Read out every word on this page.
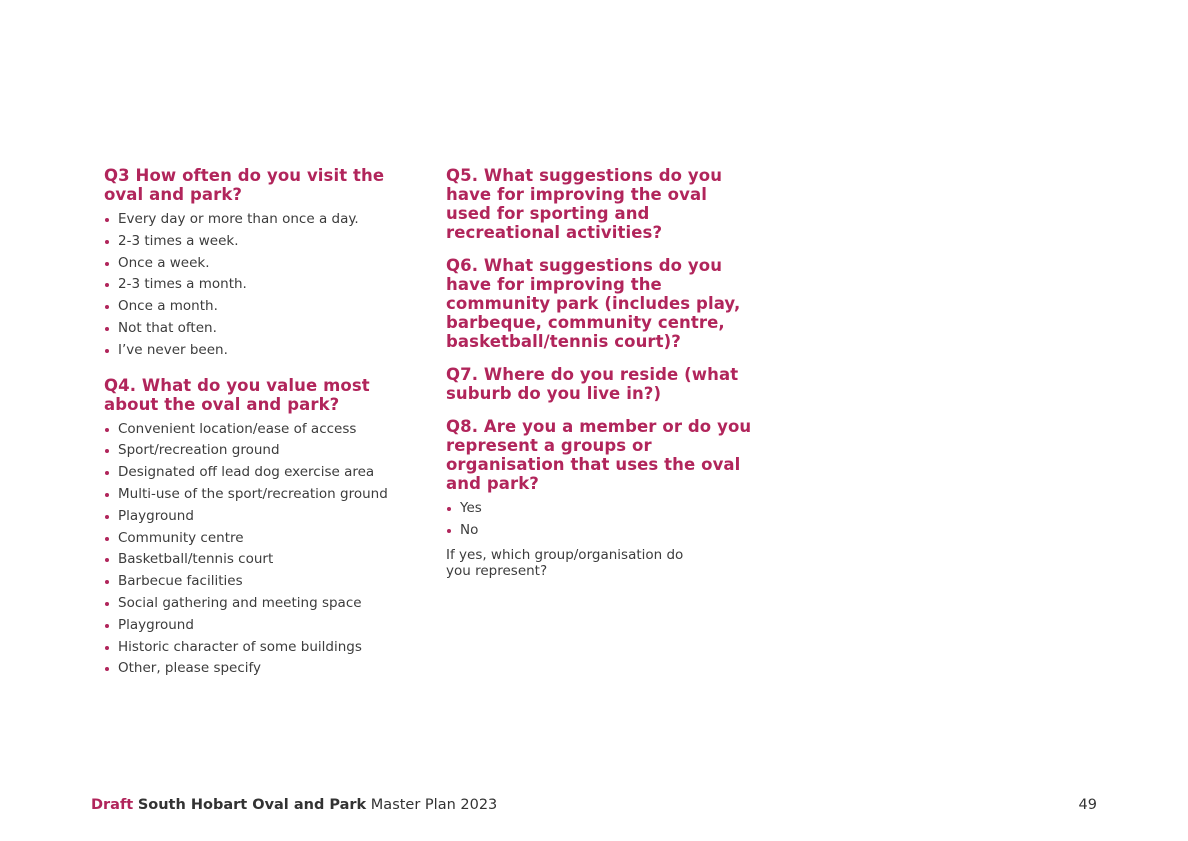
Q3 How often do you visit the oval and park?

Every day or more than once a day.
2-3 times a week.
Once a week.
2-3 times a month.
Once a month.
Not that often.
I’ve never been.

Q4. What do you value most about the oval and park?

Convenient location/ease of access
Sport/recreation ground
Designated off lead dog exercise area
Multi-use of the sport/recreation ground
Playground
Community centre
Basketball/tennis court
Barbecue facilities
Social gathering and meeting space
Playground
Historic character of some buildings
Other, please specify

Q5. What suggestions do you have for improving the oval used for sporting and recreational activities?

Q6. What suggestions do you have for improving the community park (includes play, barbeque, community centre, basketball/tennis court)?

Q7. Where do you reside (what suburb do you live in?)

Q8. Are you a member or do you represent a groups or organisation that uses the oval and park?

Yes
No
If yes, which group/organisation do you represent?
Draft South Hobart Oval and Park Master Plan 2023	49
